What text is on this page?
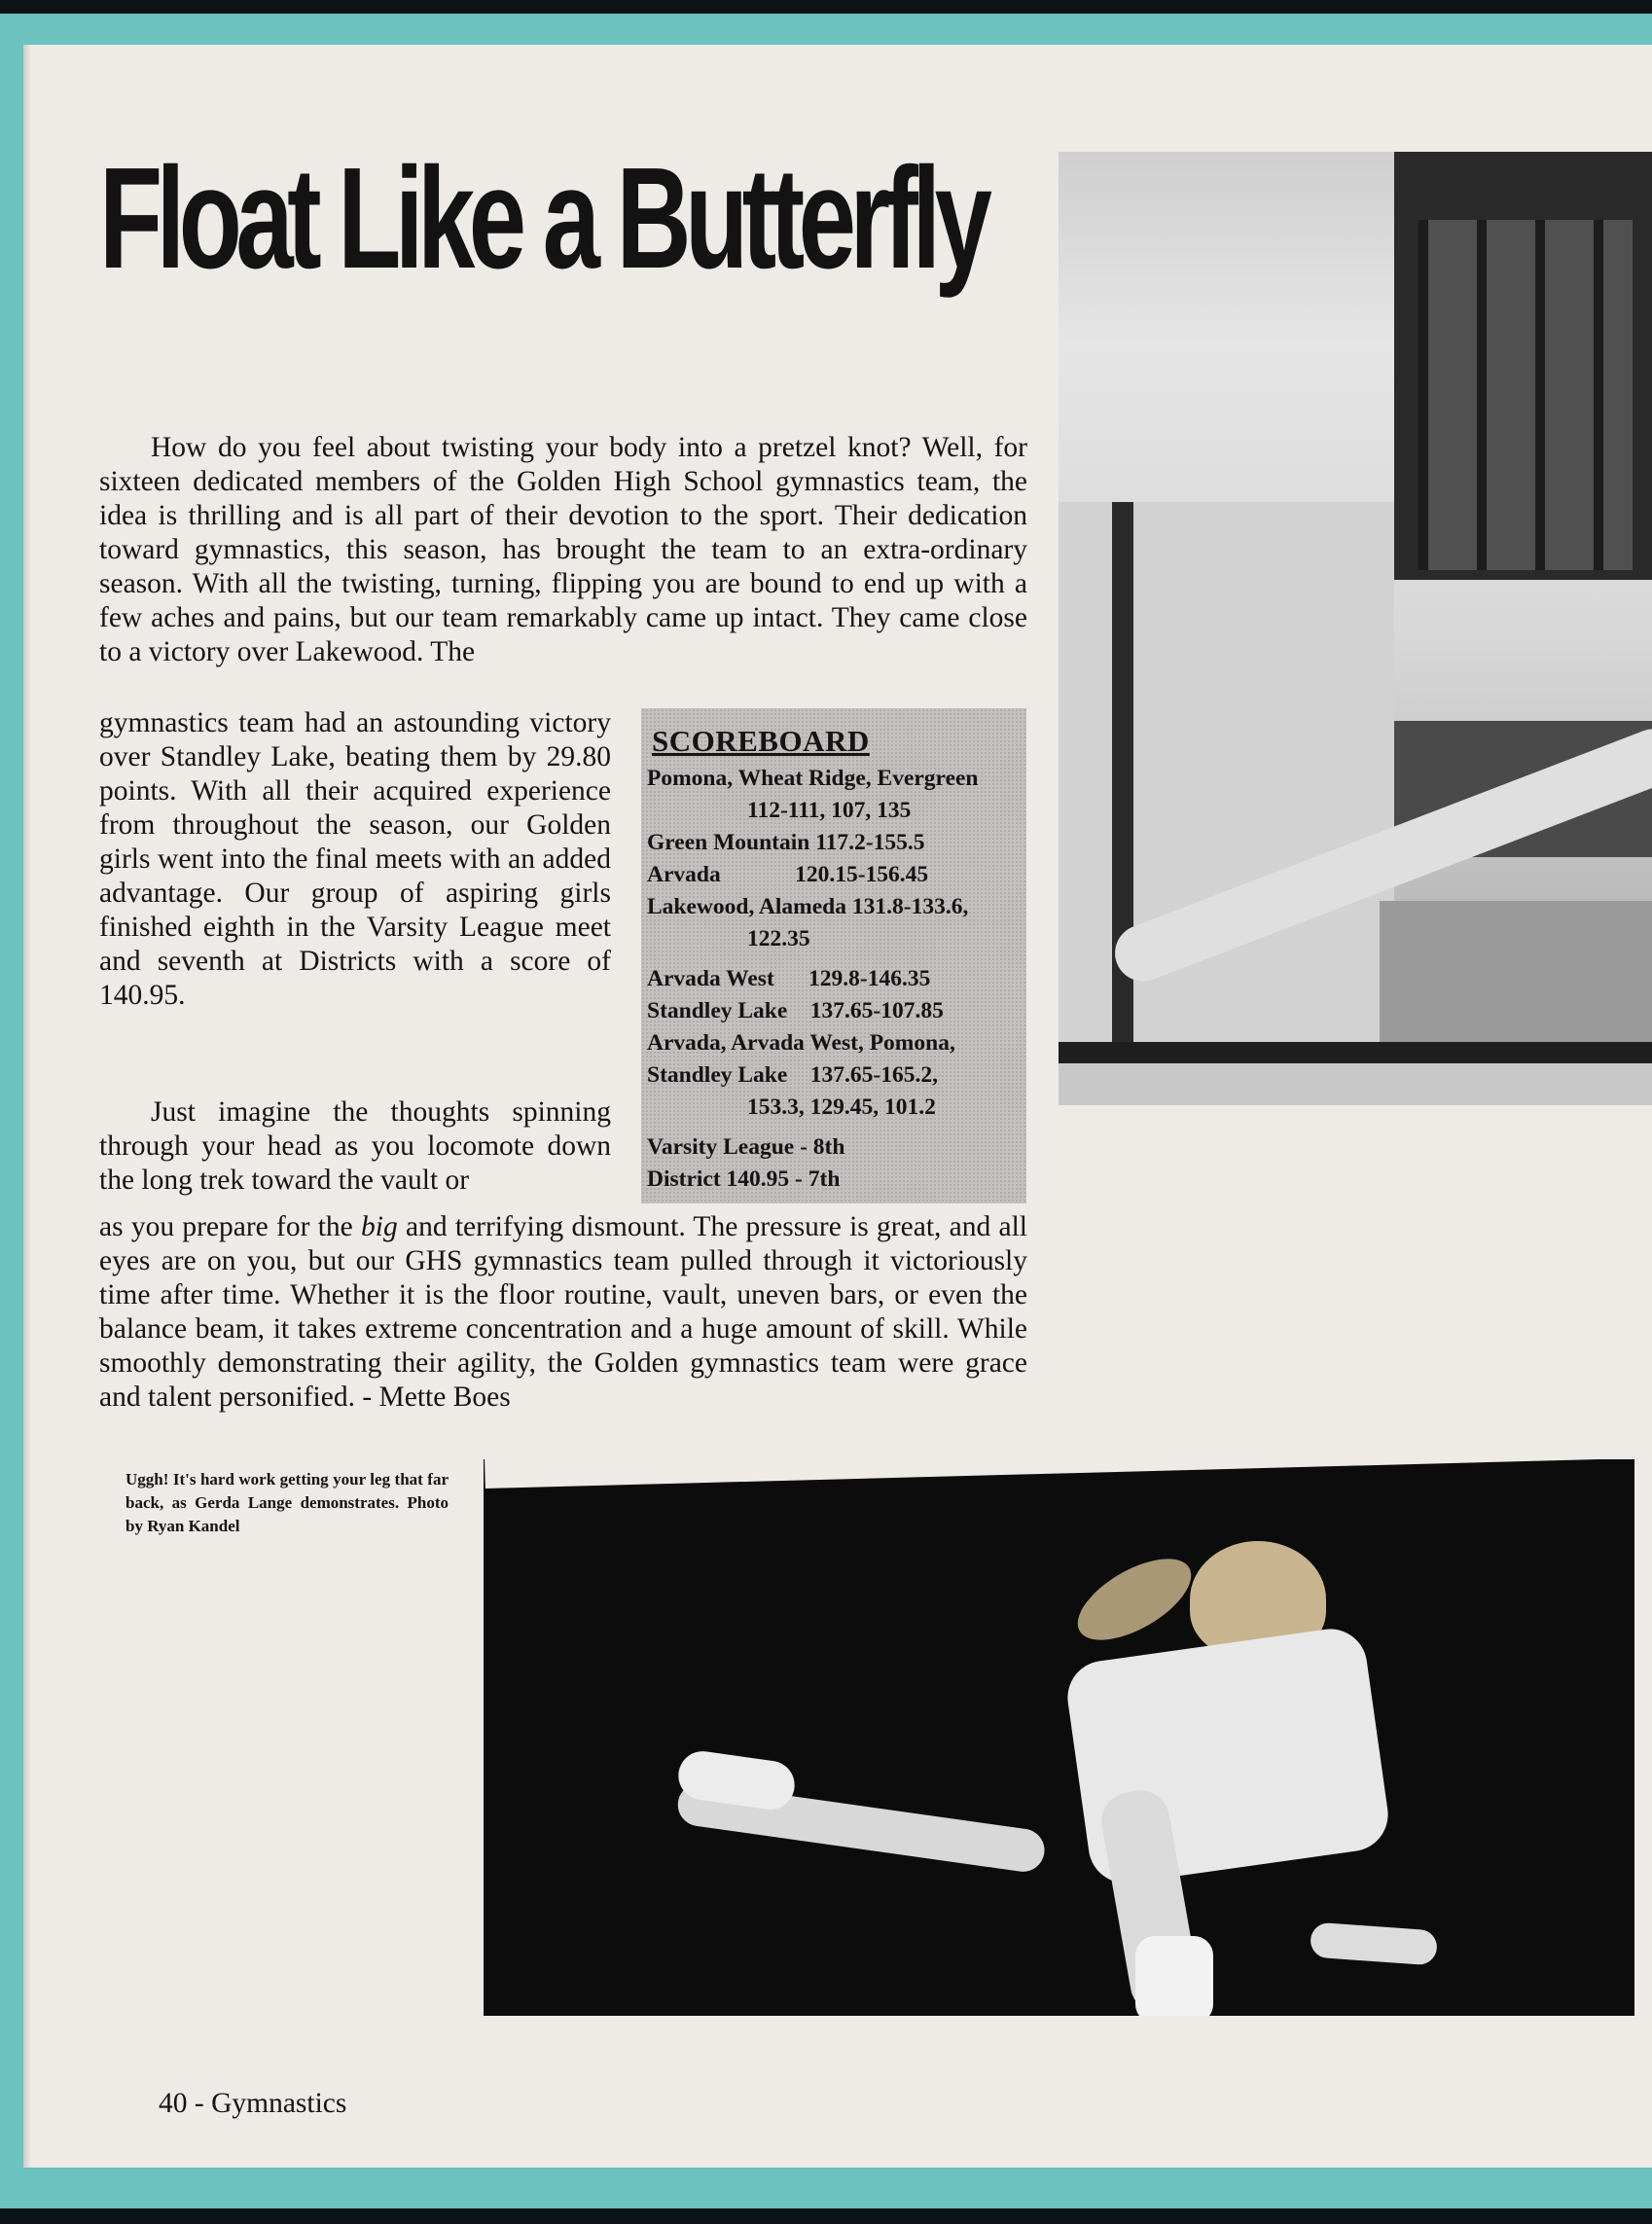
Float Like a Butterfly

How do you feel about twisting your body into a pretzel knot? Well, for sixteen dedicated members of the Golden High School gymnastics team, the idea is thrilling and is all part of their devotion to the sport. Their dedication toward gymnastics, this season, has brought the team to an extra-ordinary season. With all the twisting, turning, flipping you are bound to end up with a few aches and pains, but our team remarkably came up intact. They came close to a victory over Lakewood. The

gymnastics team had an astounding victory over Standley Lake, beating them by 29.80 points. With all their acquired experience from throughout the season, our Golden girls went into the final meets with an added advantage. Our group of aspiring girls finished eighth in the Varsity League meet and seventh at Districts with a score of 140.95.

Just imagine the thoughts spinning through your head as you locomote down the long trek toward the vault or

SCOREBOARD
Pomona, Wheat Ridge, Evergreen
112-111, 107, 135
Green Mountain 117.2-155.5
Arvada             120.15-156.45
Lakewood, Alameda 131.8-133.6,
122.35
Arvada West      129.8-146.35
Standley Lake    137.65-107.85
Arvada, Arvada West, Pomona,
Standley Lake    137.65-165.2,
153.3, 129.45, 101.2
Varsity League - 8th
District 140.95 - 7th

as you prepare for the big and terrifying dismount. The pressure is great, and all eyes are on you, but our GHS gymnastics team pulled through it victoriously time after time. Whether it is the floor routine, vault, uneven bars, or even the balance beam, it takes extreme concentration and a huge amount of skill. While smoothly demonstrating their agility, the Golden gymnastics team were grace and talent personified. - Mette Boes

Uggh! It's hard work getting your leg that far back, as Gerda Lange demonstrates. Photo by Ryan Kandel

40 - Gymnastics
